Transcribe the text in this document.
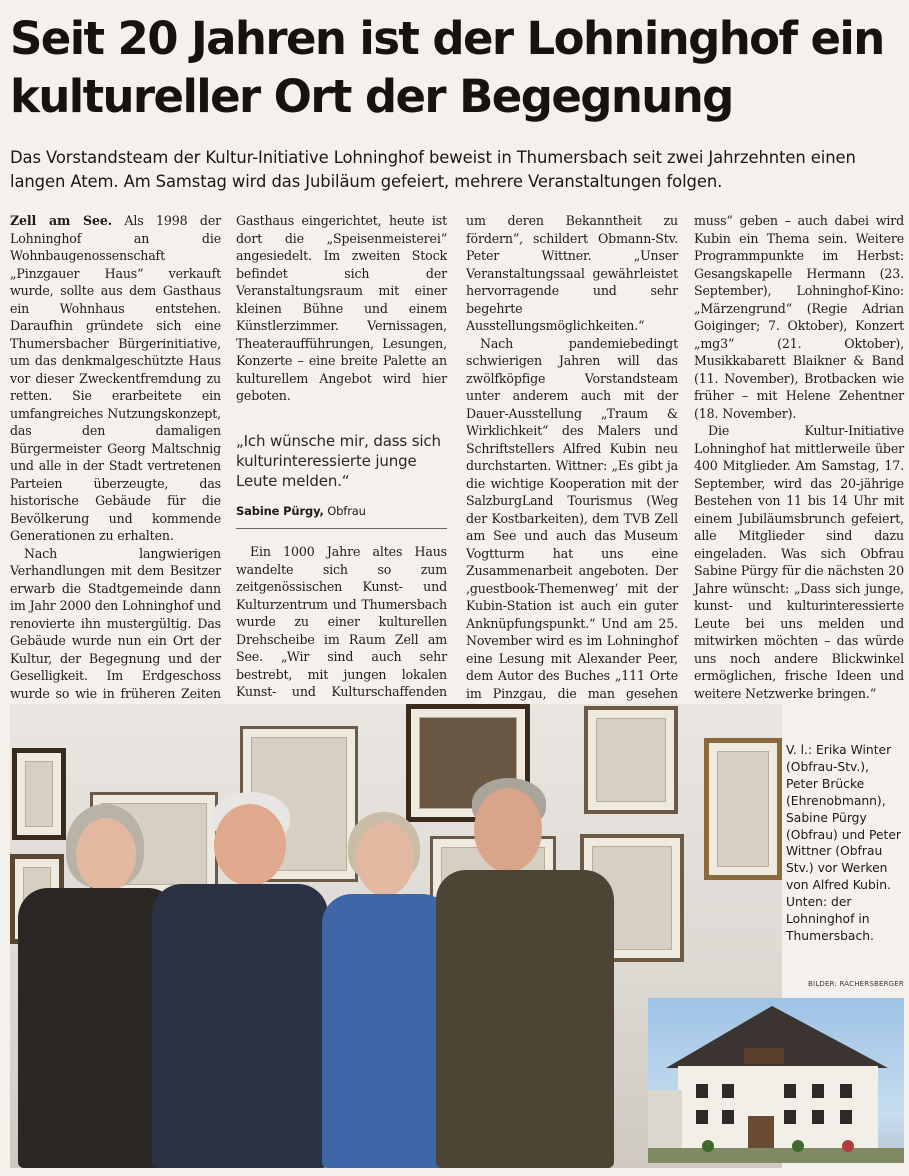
Seit 20 Jahren ist der Lohninghof ein kultureller Ort der Begegnung

Das Vorstandsteam der Kultur-Initiative Lohninghof beweist in Thumersbach seit zwei Jahrzehnten einen langen Atem. Am Samstag wird das Jubiläum gefeiert, mehrere Veranstaltungen folgen.

Zell am See. Als 1998 der Lohninghof an die Wohnbaugenossenschaft „Pinzgauer Haus“ verkauft wurde, sollte aus dem Gasthaus ein Wohnhaus entstehen. Daraufhin gründete sich eine Thumersbacher Bürgerinitiative, um das denkmalgeschützte Haus vor dieser Zweckentfremdung zu retten. Sie erarbeitete ein umfangreiches Nutzungskonzept, das den damaligen Bürgermeister Georg Maltschnig und alle in der Stadt vertretenen Parteien überzeugte, das historische Gebäude für die Bevölkerung und kommende Generationen zu erhalten.

Nach langwierigen Verhandlungen mit dem Besitzer erwarb die Stadtgemeinde dann im Jahr 2000 den Lohninghof und renovierte ihn mustergültig. Das Gebäude wurde nun ein Ort der Kultur, der Begegnung und der Geselligkeit. Im Erdgeschoss wurde so wie in früheren Zeiten

Gasthaus eingerichtet, heute ist dort die „Speisenmeisterei“ angesiedelt. Im zweiten Stock befindet sich der Veranstaltungsraum mit einer kleinen Bühne und einem Künstlerzimmer. Vernissagen, Theateraufführungen, Lesungen, Konzerte – eine breite Palette an kulturellem Angebot wird hier geboten.

„Ich wünsche mir, dass sich kulturinteressierte junge Leute melden.“
Sabine Pürgy, Obfrau

Ein 1000 Jahre altes Haus wandelte sich so zum zeitgenössischen Kunst- und Kulturzentrum und Thumersbach wurde zu einer kulturellen Drehscheibe im Raum Zell am See. „Wir sind auch sehr bestrebt, mit jungen lokalen Kunst- und Kulturschaffenden

um deren Bekanntheit zu fördern“, schildert Obmann-Stv. Peter Wittner. „Unser Veranstaltungssaal gewährleistet hervorragende und sehr begehrte Ausstellungsmöglichkeiten.“

Nach pandemiebedingt schwierigen Jahren will das zwölfköpfige Vorstandsteam unter anderem auch mit der Dauer-Ausstellung „Traum & Wirklichkeit“ des Malers und Schriftstellers Alfred Kubin neu durchstarten. Wittner: „Es gibt ja die wichtige Kooperation mit der SalzburgLand Tourismus (Weg der Kostbarkeiten), dem TVB Zell am See und auch das Museum Vogtturm hat uns eine Zusammenarbeit angeboten. Der ‚guestbook-Themenweg‘ mit der Kubin-Station ist auch ein guter Anknüpfungspunkt.“ Und am 25. November wird es im Lohninghof eine Lesung mit Alexander Peer, dem Autor des Buches „111 Orte im Pinzgau, die man gesehen

muss“ geben – auch dabei wird Kubin ein Thema sein. Weitere Programmpunkte im Herbst: Gesangskapelle Hermann (23. September), Lohninghof-Kino: „Märzengrund“ (Regie Adrian Goiginger; 7. Oktober), Konzert „mg3“ (21. Oktober), Musikkabarett Blaikner & Band (11. November), Brotbacken wie früher – mit Helene Zehentner (18. November).

Die Kultur-Initiative Lohninghof hat mittlerweile über 400 Mitglieder. Am Samstag, 17. September, wird das 20-jährige Bestehen von 11 bis 14 Uhr mit einem Jubiläumsbrunch gefeiert, alle Mitglieder sind dazu eingeladen. Was sich Obfrau Sabine Pürgy für die nächsten 20 Jahre wünscht: „Dass sich junge, kunst- und kulturinteressierte Leute bei uns melden und mitwirken möchten – das würde uns noch andere Blickwinkel ermöglichen, frische Ideen und weitere Netzwerke bringen.“

V. l.: Erika Winter (Obfrau-Stv.), Peter Brücke (Ehrenobmann), Sabine Pürgy (Obfrau) und Peter Wittner (Obfrau Stv.) vor Werken von Alfred Kubin. Unten: der Lohninghof in Thumersbach.

BILDER: RACHERSBERGER
